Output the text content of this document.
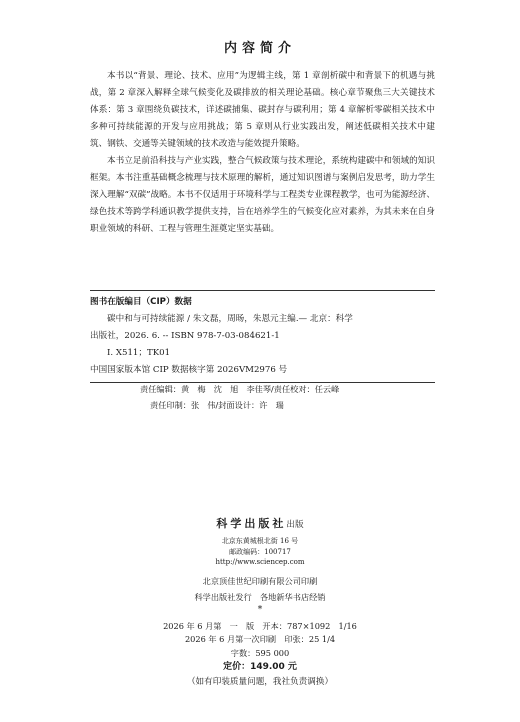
内容简介

本书以“背景、理论、技术、应用”为逻辑主线，第 1 章剖析碳中和背景下的机遇与挑战，第 2 章深入解释全球气候变化及碳排放的相关理论基础。核心章节聚焦三大关键技术体系：第 3 章围绕负碳技术，详述碳捕集、碳封存与碳利用；第 4 章解析零碳相关技术中多种可持续能源的开发与应用挑战；第 5 章则从行业实践出发，阐述低碳相关技术中建筑、钢铁、交通等关键领域的技术改造与能效提升策略。

本书立足前沿科技与产业实践，整合气候政策与技术理论，系统构建碳中和领域的知识框架。本书注重基础概念梳理与技术原理的解析，通过知识图谱与案例启发思考，助力学生深入理解“双碳”战略。本书不仅适用于环境科学与工程类专业课程教学，也可为能源经济、绿色技术等跨学科通识教学提供支持，旨在培养学生的气候变化应对素养，为其未来在自身职业领域的科研、工程与管理生涯奠定坚实基础。

图书在版编目（CIP）数据
碳中和与可持续能源 / 朱文磊，周旸，朱恩元主编.— 北京：科学
出版社，2026. 6. -- ISBN 978-7-03-084621-1
Ⅰ. X511；TK01
中国国家版本馆 CIP 数据核字第 2026VM2976 号
责任编辑：黄　梅　沈　旭　李佳琴/责任校对：任云峰
责任印制：张　伟/封面设计：许　瑞
科学出版社出版
北京东黄城根北街 16 号
邮政编码：100717
http://www.sciencep.com
北京顶佳世纪印刷有限公司印刷
科学出版社发行　各地新华书店经销
*
2026 年 6 月第　一　版　开本：787×1092　1/16
2026 年 6 月第一次印刷　印张：25 1/4
字数：595 000
定价：149.00 元
（如有印装质量问题，我社负责调换）
